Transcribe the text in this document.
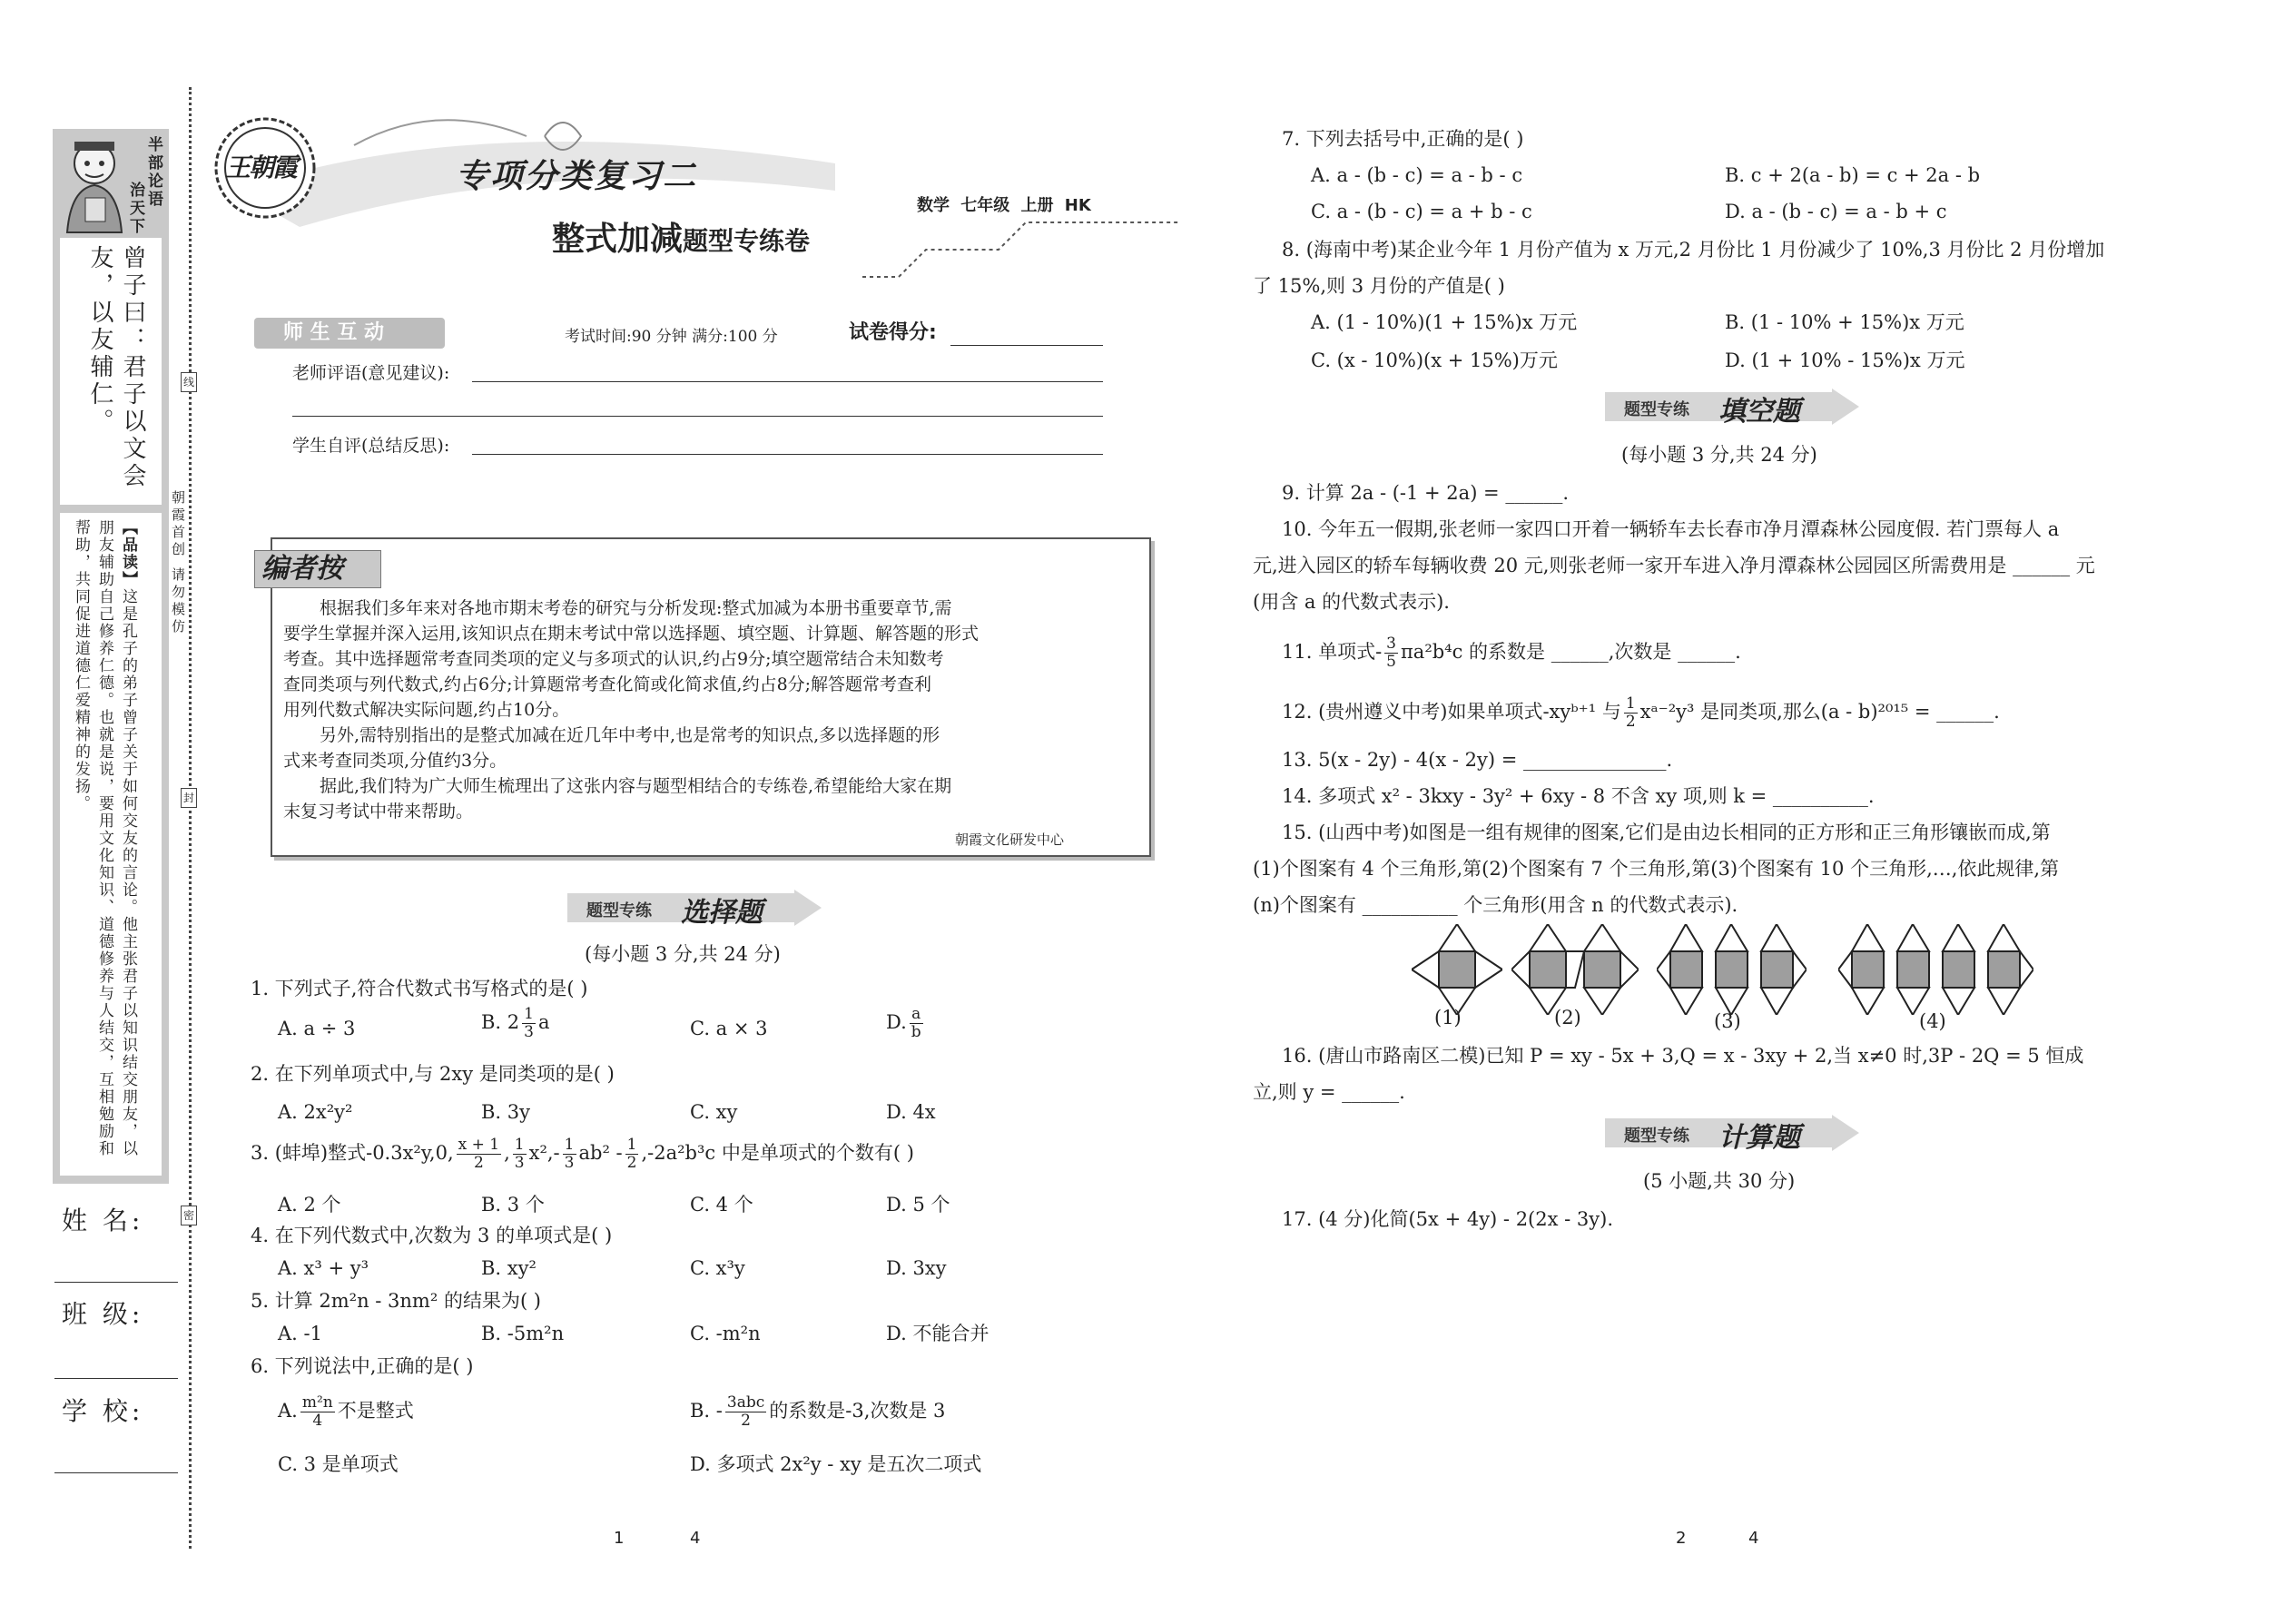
半部论语
治天下
曾子曰：君子以文会友，以友辅仁。
【品读】这是孔子的弟子曾子关于如何交友的言论。他主张君子以知识结交朋友，以朋友辅助自己修养仁德。也就是说，要用文化知识、道德修养与人结交，互相勉励和帮助，共同促进道德仁爱精神的发扬。
姓 名:
班 级:
学 校:
线
封
密
朝霞首创 请勿模仿
王朝霞	专项分类复习二
整式加减题型专练卷
数学 七年级 上册 HK
师 生 互 动	考试时间:90 分钟 满分:100 分	试卷得分:
老师评语(意见建议):
学生自评(总结反思):
编者按
根据我们多年来对各地市期末考卷的研究与分析发现:整式加减为本册书重要章节,需
要学生掌握并深入运用,该知识点在期末考试中常以选择题、填空题、计算题、解答题的形式
考查。其中选择题常考查同类项的定义与多项式的认识,约占9分;填空题常结合未知数考
查同类项与列代数式,约占6分;计算题常考查化简或化简求值,约占8分;解答题常考查利
用列代数式解决实际问题,约占10分。
另外,需特别指出的是整式加减在近几年中考中,也是常考的知识点,多以选择题的形
式来考查同类项,分值约3分。
据此,我们特为广大师生梳理出了这张内容与题型相结合的专练卷,希望能给大家在期
末复习考试中带来帮助。
朝霞文化研发中心
题型专练 选择题
(每小题 3 分,共 24 分)
1. 下列式子,符合代数式书写格式的是( )
A. a ÷ 3	B. $2 \frac{1}{3}$ a	C. a × 3	D. $\frac{a}{b}$
2. 在下列单项式中,与 2xy 是同类项的是( )
A. 2x²y²	B. 3y	C. xy	D. 4x
3. (蚌埠)整式-0.3x²y,0, $\frac{x + 1}{2}$ , $\frac{1}{3} x^2,- \frac{1}{3} ab^2 - \frac{1}{2} ,-2a^2b^3c$ 中是单项式的个数有( )
A. 2 个	B. 3 个	C. 4 个	D. 5 个
4. 在下列代数式中,次数为 3 的单项式是( )
A. x³ + y³	B. xy²	C. x³y	D. 3xy
5. 计算 2m²n - 3nm² 的结果为( )
A. -1	B. -5m²n	C. -m²n	D. 不能合并
6. 下列说法中,正确的是( )
A. $\frac{\text{m²n}}{4}$ 不是整式	B. - $\frac{\text{3abc}}{2}$ 的系数是-3,次数是 3
C. 3 是单项式	D. 多项式 2x²y - xy 是五次二项式
1	4
7. 下列去括号中,正确的是( )
A. a - (b - c) = a - b - c	B. c + 2(a - b) = c + 2a - b
C. a - (b - c) = a + b - c	D. a - (b - c) = a - b + c
8. (海南中考)某企业今年 1 月份产值为 x 万元,2 月份比 1 月份减少了 10%,3 月份比 2 月份增加
了 15%,则 3 月份的产值是( )
A. (1 - 10%)(1 + 15%)x 万元	B. (1 - 10% + 15%)x 万元
C. (x - 10%)(x + 15%)万元	D. (1 + 10% - 15%)x 万元
题型专练 填空题
(每小题 3 分,共 24 分)
9. 计算 2a - (-1 + 2a) = ______.
10. 今年五一假期,张老师一家四口开着一辆轿车去长春市净月潭森林公园度假. 若门票每人 a
元,进入园区的轿车每辆收费 20 元,则张老师一家开车进入净月潭森林公园园区所需费用是 ______ 元
(用含 a 的代数式表示).
11. 单项式- $\frac{3}{5} \pi a^2b^4c$ 的系数是 ______,次数是 ______.
12. (贵州遵义中考)如果单项式-xyᵇ⁺¹ 与 $\frac{1}{2}$ xᵃ⁻²y³ 是同类项,那么(a - b)²⁰¹⁵ = ______.
13. 5(x - 2y) - 4(x - 2y) = _______________.
14. 多项式 x² - 3kxy - 3y² + 6xy - 8 不含 xy 项,则 k = __________.
15. (山西中考)如图是一组有规律的图案,它们是由边长相同的正方形和正三角形镶嵌而成,第
(1)个图案有 4 个三角形,第(2)个图案有 7 个三角形,第(3)个图案有 10 个三角形,…,依此规律,第
(n)个图案有 __________ 个三角形(用含 n 的代数式表示).
(1)	(2)	(3)	(4)
16. (唐山市路南区二模)已知 P = xy - 5x + 3,Q = x - 3xy + 2,当 x≠0 时,3P - 2Q = 5 恒成
立,则 y = ______.
题型专练 计算题
(5 小题,共 30 分)
17. (4 分)化简(5x + 4y) - 2(2x - 3y).
2	4
